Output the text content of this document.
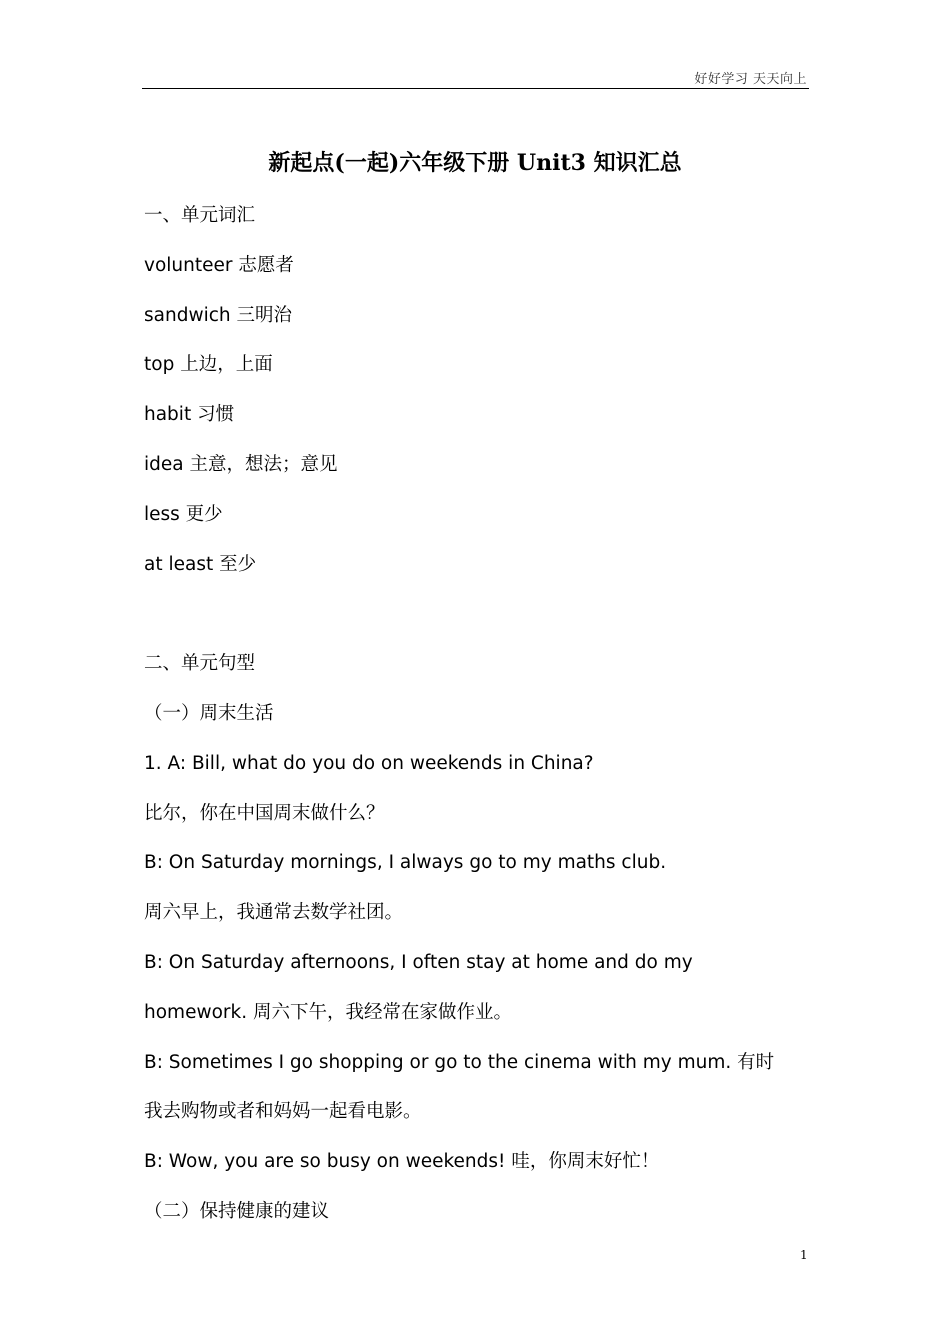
好好学习 天天向上
新起点(一起)六年级下册 Unit3 知识汇总
一、单元词汇
volunteer 志愿者
sandwich 三明治
top 上边，上面
habit 习惯
idea 主意，想法；意见
less 更少
at least 至少
二、单元句型
（一）周末生活
1. A: Bill, what do you do on weekends in China?
比尔，你在中国周末做什么？
B: On Saturday mornings, I always go to my maths club.
周六早上，我通常去数学社团。
B: On Saturday afternoons, I often stay at home and do my
homework. 周六下午，我经常在家做作业。
B: Sometimes I go shopping or go to the cinema with my mum. 有时
我去购物或者和妈妈一起看电影。
B: Wow, you are so busy on weekends! 哇，你周末好忙！
（二）保持健康的建议
1
